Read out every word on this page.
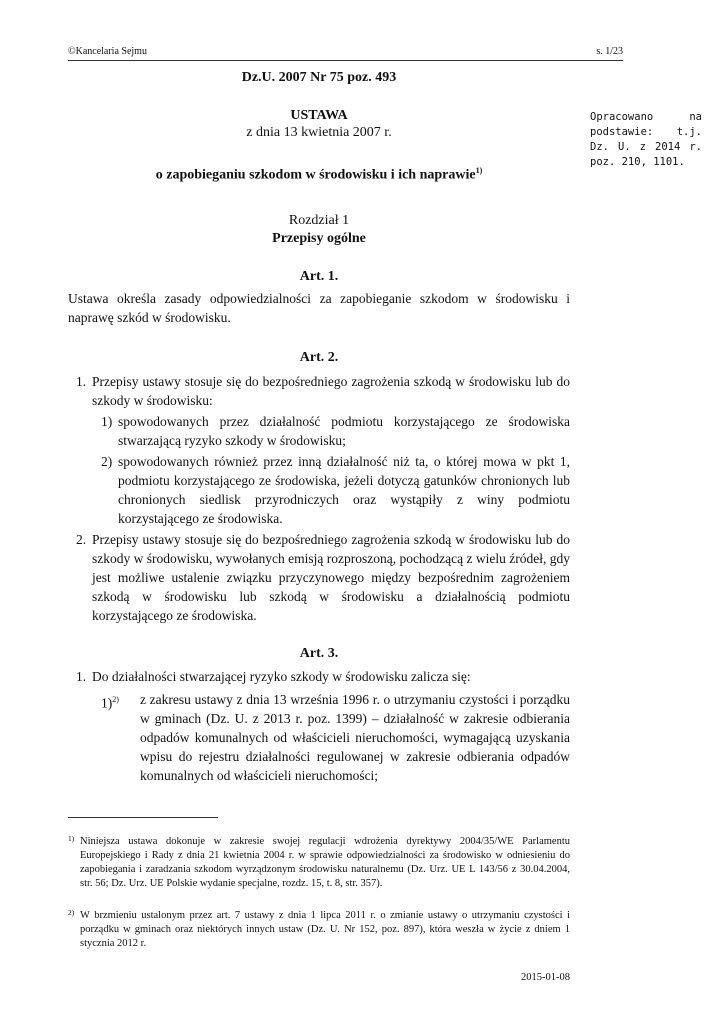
©Kancelaria Sejmu	s. 1/23
Dz.U. 2007 Nr 75 poz. 493
USTAWA
z dnia 13 kwietnia 2007 r.
o zapobieganiu szkodom w środowisku i ich naprawie$^{1)}$
Opracowano na podstawie: t.j. Dz. U. z 2014 r. poz. 210, 1101.
Rozdział 1
Przepisy ogólne
Art. 1.
Ustawa określa zasady odpowiedzialności za zapobieganie szkodom w środowisku i naprawę szkód w środowisku.
Art. 2.
1. Przepisy ustawy stosuje się do bezpośredniego zagrożenia szkodą w środowisku lub do szkody w środowisku:
1) spowodowanych przez działalność podmiotu korzystającego ze środowiska stwarzającą ryzyko szkody w środowisku;
2) spowodowanych również przez inną działalność niż ta, o której mowa w pkt 1, podmiotu korzystającego ze środowiska, jeżeli dotyczą gatunków chronionych lub chronionych siedlisk przyrodniczych oraz wystąpiły z winy podmiotu korzystającego ze środowiska.
2. Przepisy ustawy stosuje się do bezpośredniego zagrożenia szkodą w środowisku lub do szkody w środowisku, wywołanych emisją rozproszoną, pochodzącą z wielu źródeł, gdy jest możliwe ustalenie związku przyczynowego między bezpośrednim zagrożeniem szkodą w środowisku lub szkodą w środowisku a działalnością podmiotu korzystającego ze środowiska.
Art. 3.
1. Do działalności stwarzającej ryzyko szkody w środowisku zalicza się:
1)$^{2)}$ z zakresu ustawy z dnia 13 września 1996 r. o utrzymaniu czystości i porządku w gminach (Dz. U. z 2013 r. poz. 1399) – działalność w zakresie odbierania odpadów komunalnych od właścicieli nieruchomości, wymagającą uzyskania wpisu do rejestru działalności regulowanej w zakresie odbierania odpadów komunalnych od właścicieli nieruchomości;
1) Niniejsza ustawa dokonuje w zakresie swojej regulacji wdrożenia dyrektywy 2004/35/WE Parlamentu Europejskiego i Rady z dnia 21 kwietnia 2004 r. w sprawie odpowiedzialności za środowisko w odniesieniu do zapobiegania i zaradzania szkodom wyrządzonym środowisku naturalnemu (Dz. Urz. UE L 143/56 z 30.04.2004, str. 56; Dz. Urz. UE Polskie wydanie specjalne, rozdz. 15, t. 8, str. 357).
2) W brzmieniu ustalonym przez art. 7 ustawy z dnia 1 lipca 2011 r. o zmianie ustawy o utrzymaniu czystości i porządku w gminach oraz niektórych innych ustaw (Dz. U. Nr 152, poz. 897), która weszła w życie z dniem 1 stycznia 2012 r.
2015-01-08
